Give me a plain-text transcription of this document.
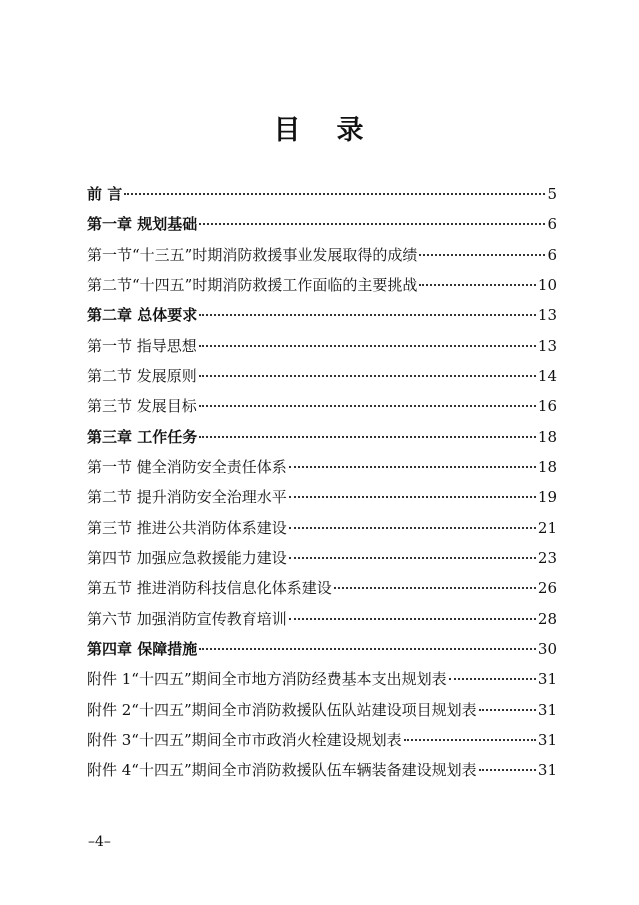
目 录
前 言	5
第一章 规划基础	6
第一节“十三五”时期消防救援事业发展取得的成绩	6
第二节“十四五”时期消防救援工作面临的主要挑战	10
第二章 总体要求	13
第一节 指导思想	13
第二节 发展原则	14
第三节 发展目标	16
第三章 工作任务	18
第一节 健全消防安全责任体系	18
第二节 提升消防安全治理水平	19
第三节 推进公共消防体系建设	21
第四节 加强应急救援能力建设	23
第五节 推进消防科技信息化体系建设	26
第六节 加强消防宣传教育培训	28
第四章 保障措施	30
附件 1“十四五”期间全市地方消防经费基本支出规划表	31
附件 2“十四五”期间全市消防救援队伍队站建设项目规划表	31
附件 3“十四五”期间全市市政消火栓建设规划表	31
附件 4“十四五”期间全市消防救援队伍车辆装备建设规划表	31
–4–
